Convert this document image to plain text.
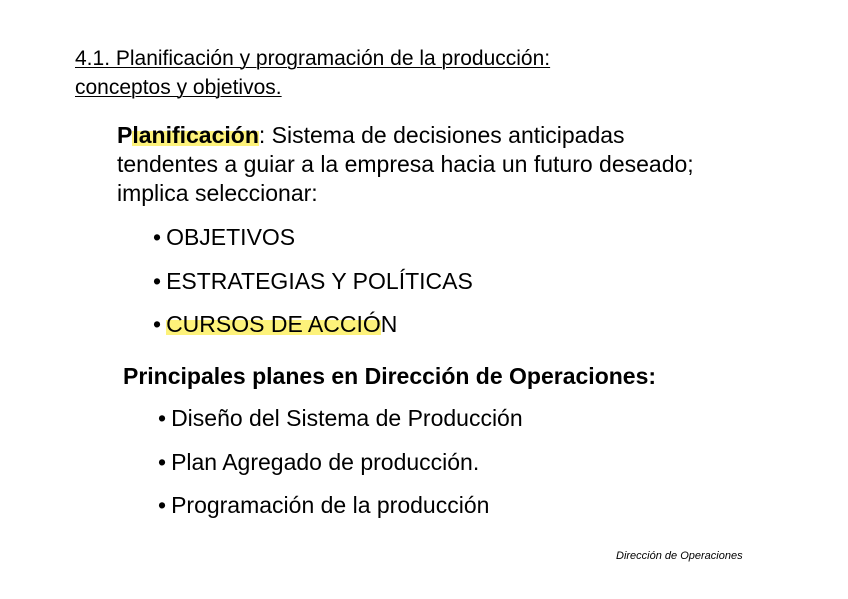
4.1. Planificación y programación de la producción:
conceptos y objetivos.
Planificación: Sistema de decisiones anticipadas
tendentes a guiar a la empresa hacia un futuro deseado;
implica seleccionar:
• OBJETIVOS
• ESTRATEGIAS Y POLÍTICAS
• CURSOS DE ACCIÓN
Principales planes en Dirección de Operaciones:
• Diseño del Sistema de Producción
• Plan Agregado de producción.
• Programación de la producción
Dirección de Operaciones
